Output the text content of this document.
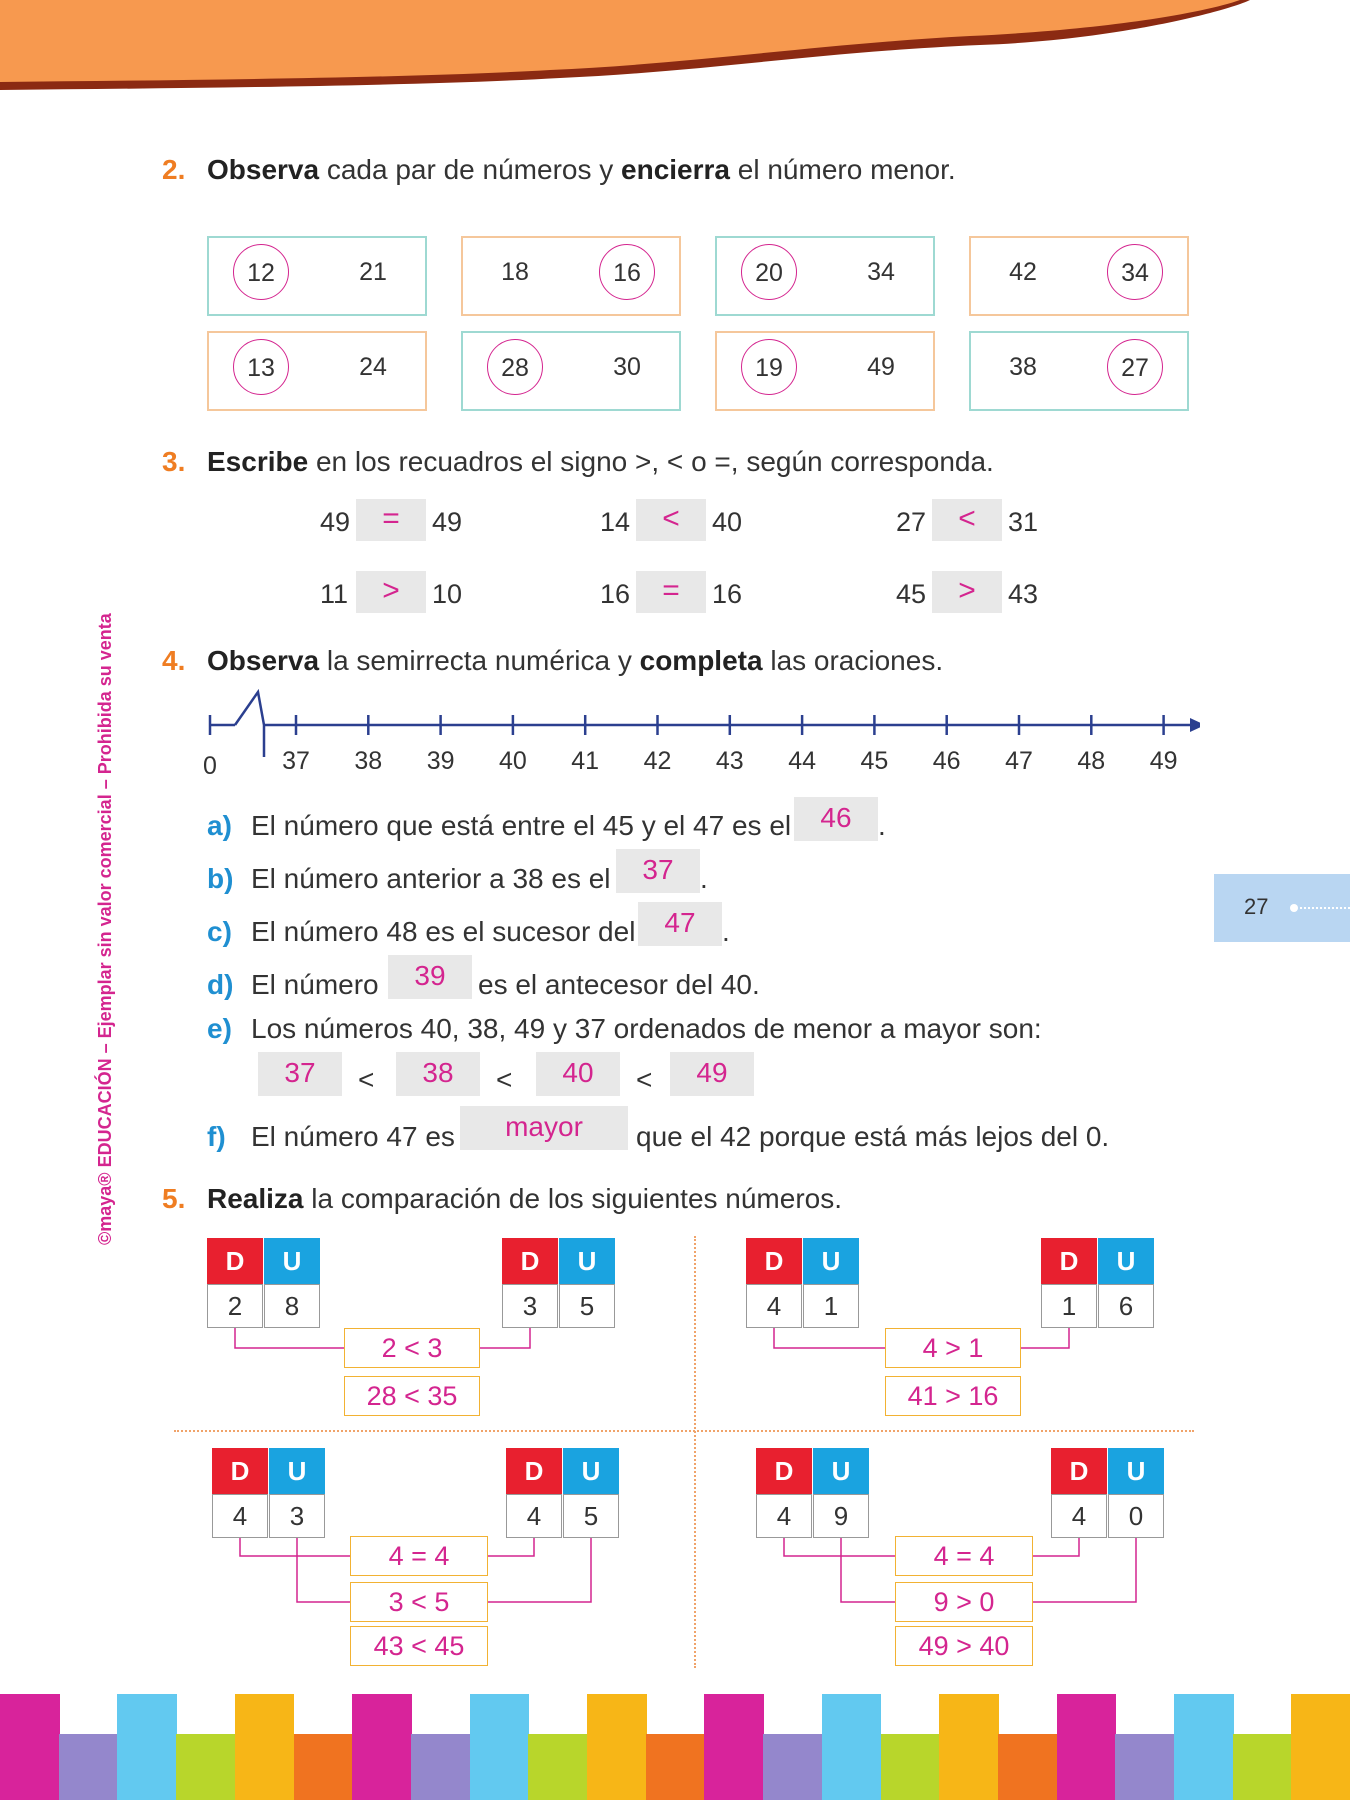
©maya® EDUCACIÓN – Ejemplar sin valor comercial – Prohibida su venta	27
2. Observa cada par de números y encierra el número menor.
12	21	18	16	20	34	42	34
13	24	28	30	19	49	38	27
3. Escribe en los recuadros el signo >, < o =, según corresponda.
49	=	49	14	<	40	27	<	31
11	>	10	16	=	16	45	>	43
4. Observa la semirrecta numérica y completa las oraciones.
0	37 38 39 40 41 42 43 44 45 46 47 48 49
a) El número que está entre el 45 y el 47 es el	46 .
b) El número anterior a 38 es el	37 .
c) El número 48 es el sucesor del	47 .
d) El número	39	es el antecesor del 40.
e) Los números 40, 38, 49 y 37 ordenados de menor a mayor son:
37	<	38	<	40	<	49
f) El número 47 es	mayor	que el 42 porque está más lejos del 0.
5. Realiza la comparación de los siguientes números.
D	U
2	8
D	U
3	5
2 < 3
28 < 35
D	U
4	1
D	U
1	6
4 > 1
41 > 16
D	U
4	3
D	U
4	5
4 = 4
3 < 5
43 < 45
D	U
4	9
D	U
4	0
4 = 4
9 > 0
49 > 40
